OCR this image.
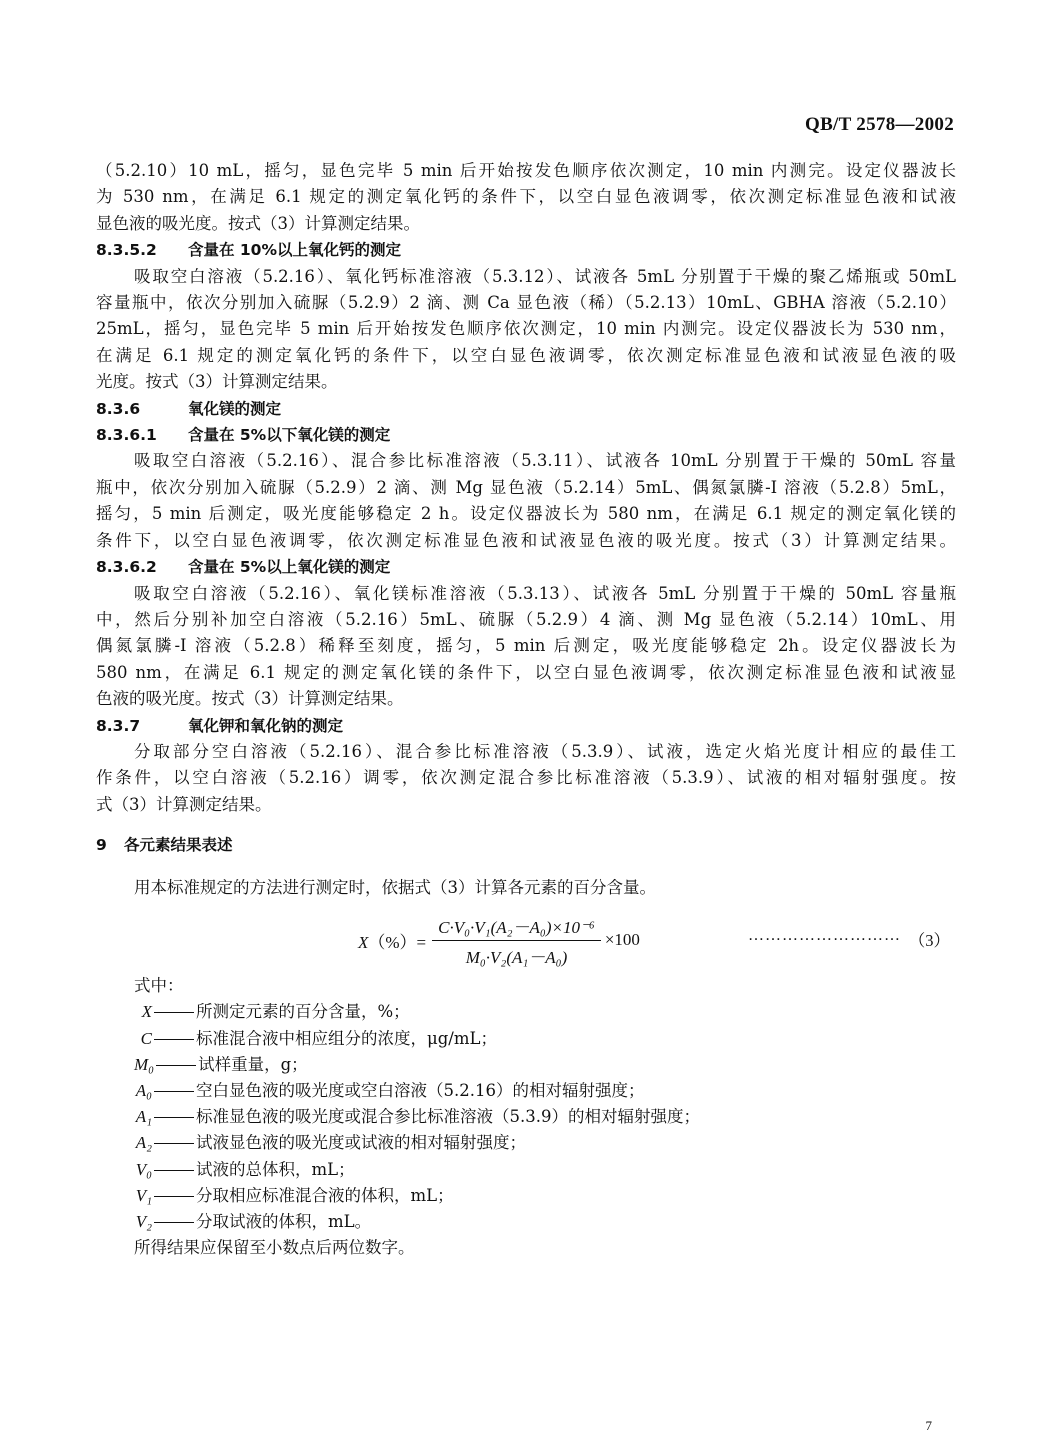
QB/T 2578—2002
（5.2.10）10 mL，摇匀，显色完毕 5 min 后开始按发色顺序依次测定，10 min 内测完。设定仪器波长
为 530 nm，在满足 6.1 规定的测定氧化钙的条件下，以空白显色液调零，依次测定标准显色液和试液
显色液的吸光度。按式（3）计算测定结果。
8.3.5.2 含量在 10%以上氧化钙的测定
吸取空白溶液（5.2.16）、氧化钙标准溶液（5.3.12）、试液各 5mL 分别置于干燥的聚乙烯瓶或 50mL
容量瓶中，依次分别加入硫脲（5.2.9）2 滴、测 Ca 显色液（稀）（5.2.13）10mL、GBHA 溶液（5.2.10）
25mL，摇匀，显色完毕 5 min 后开始按发色顺序依次测定，10 min 内测完。设定仪器波长为 530 nm，
在满足 6.1 规定的测定氧化钙的条件下，以空白显色液调零，依次测定标准显色液和试液显色液的吸
光度。按式（3）计算测定结果。
8.3.6	氧化镁的测定
8.3.6.1 含量在 5%以下氧化镁的测定
吸取空白溶液（5.2.16）、混合参比标准溶液（5.3.11）、试液各 10mL 分别置于干燥的 50mL 容量
瓶中，依次分别加入硫脲（5.2.9）2 滴、测 Mg 显色液（5.2.14）5mL、偶氮氯膦-I 溶液（5.2.8）5mL，
摇匀，5 min 后测定，吸光度能够稳定 2 h。设定仪器波长为 580 nm，在满足 6.1 规定的测定氧化镁的
条件下，以空白显色液调零，依次测定标准显色液和试液显色液的吸光度。按式（3）计算测定结果。
8.3.6.2 含量在 5%以上氧化镁的测定
吸取空白溶液（5.2.16）、氧化镁标准溶液（5.3.13）、试液各 5mL 分别置于干燥的 50mL 容量瓶
中，然后分别补加空白溶液（5.2.16）5mL、硫脲（5.2.9）4 滴、测 Mg 显色液（5.2.14）10mL、用
偶氮氯膦-I 溶液（5.2.8）稀释至刻度，摇匀，5 min 后测定，吸光度能够稳定 2h。设定仪器波长为
580 nm，在满足 6.1 规定的测定氧化镁的条件下，以空白显色液调零，依次测定标准显色液和试液显
色液的吸光度。按式（3）计算测定结果。
8.3.7	氧化钾和氧化钠的测定
分取部分空白溶液（5.2.16）、混合参比标准溶液（5.3.9）、试液，选定火焰光度计相应的最佳工
作条件，以空白溶液（5.2.16）调零，依次测定混合参比标准溶液（5.3.9）、试液的相对辐射强度。按
式（3）计算测定结果。
9 各元素结果表述
用本标准规定的方法进行测定时，依据式（3）计算各元素的百分含量。
$X(\%)= \frac{\text{C·V₀·V₁(A₂－A₀)×10⁻⁶}}{\text{M₀·V₂(A₁－A₀)}} \times 100$	……………………… （3）
式中：
X	所测定元素的百分含量，%；
C	标准混合液中相应组分的浓度，μg/mL；
M₀	试样重量，g；
A₀	空白显色液的吸光度或空白溶液（5.2.16）的相对辐射强度；
A₁	标准显色液的吸光度或混合参比标准溶液（5.3.9）的相对辐射强度；
A₂	试液显色液的吸光度或试液的相对辐射强度；
V₀	试液的总体积，mL；
V₁	分取相应标准混合液的体积，mL；
V₂	分取试液的体积，mL。
所得结果应保留至小数点后两位数字。
7
